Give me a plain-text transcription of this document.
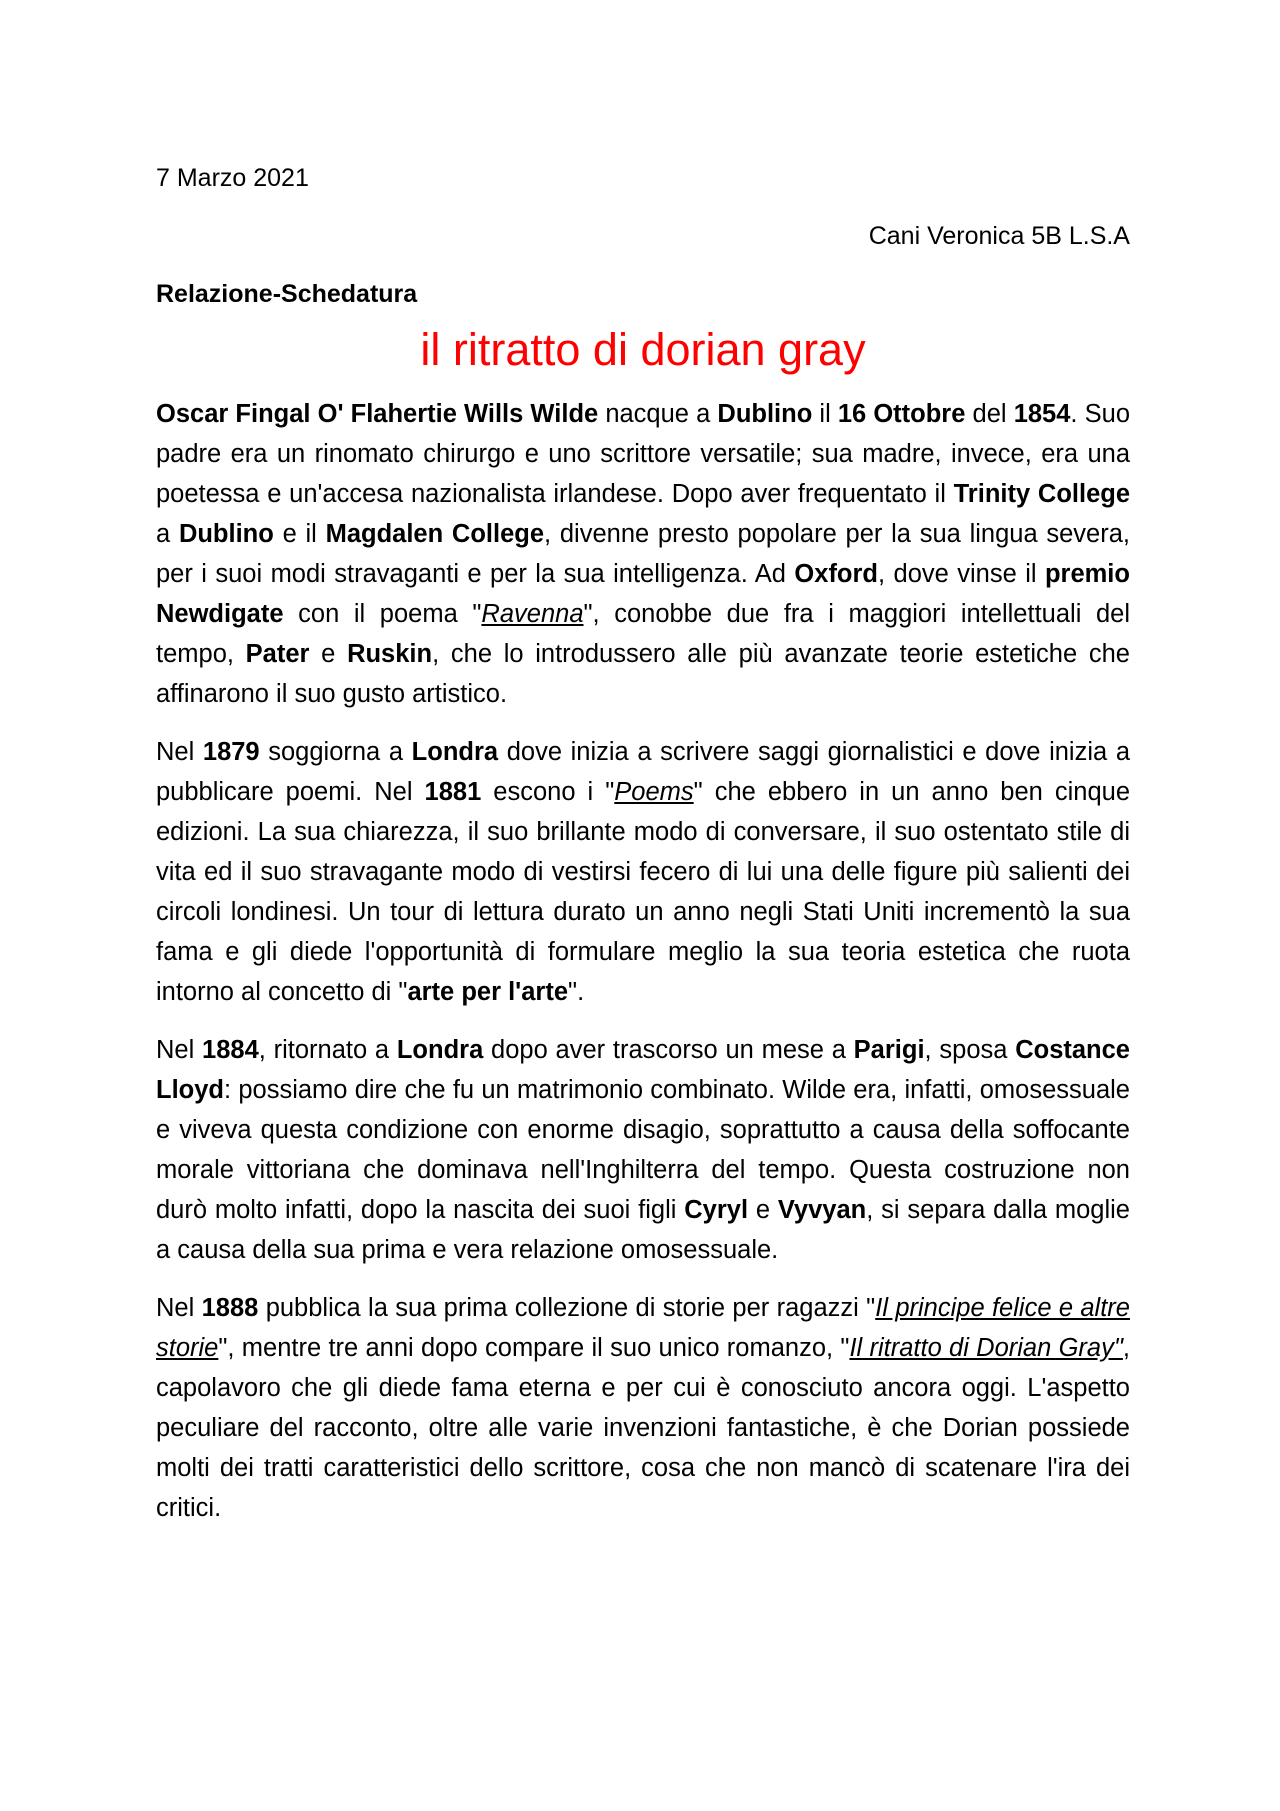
7 Marzo 2021
Cani Veronica 5B L.S.A
Relazione-Schedatura
il ritratto di dorian gray

Oscar Fingal O' Flahertie Wills Wilde nacque a Dublino il 16 Ottobre del 1854. Suo padre era un rinomato chirurgo e uno scrittore versatile; sua madre, invece, era una poetessa e un'accesa nazionalista irlandese. Dopo aver frequentato il Trinity College a Dublino e il Magdalen College, divenne presto popolare per la sua lingua severa, per i suoi modi stravaganti e per la sua intelligenza. Ad Oxford, dove vinse il premio Newdigate con il poema "Ravenna", conobbe due fra i maggiori intellettuali del tempo, Pater e Ruskin, che lo introdussero alle più avanzate teorie estetiche che affinarono il suo gusto artistico.

Nel 1879 soggiorna a Londra dove inizia a scrivere saggi giornalistici e dove inizia a pubblicare poemi. Nel 1881 escono i "Poems" che ebbero in un anno ben cinque edizioni. La sua chiarezza, il suo brillante modo di conversare, il suo ostentato stile di vita ed il suo stravagante modo di vestirsi fecero di lui una delle figure più salienti dei circoli londinesi. Un tour di lettura durato un anno negli Stati Uniti incrementò la sua fama e gli diede l'opportunità di formulare meglio la sua teoria estetica che ruota intorno al concetto di "arte per l'arte".

Nel 1884, ritornato a Londra dopo aver trascorso un mese a Parigi, sposa Costance Lloyd: possiamo dire che fu un matrimonio combinato. Wilde era, infatti, omosessuale e viveva questa condizione con enorme disagio, soprattutto a causa della soffocante morale vittoriana che dominava nell'Inghilterra del tempo. Questa costruzione non durò molto infatti, dopo la nascita dei suoi figli Cyryl e Vyvyan, si separa dalla moglie a causa della sua prima e vera relazione omosessuale.

Nel 1888 pubblica la sua prima collezione di storie per ragazzi "Il principe felice e altre storie", mentre tre anni dopo compare il suo unico romanzo, "Il ritratto di Dorian Gray", capolavoro che gli diede fama eterna e per cui è conosciuto ancora oggi. L'aspetto peculiare del racconto, oltre alle varie invenzioni fantastiche, è che Dorian possiede molti dei tratti caratteristici dello scrittore, cosa che non mancò di scatenare l'ira dei critici.
